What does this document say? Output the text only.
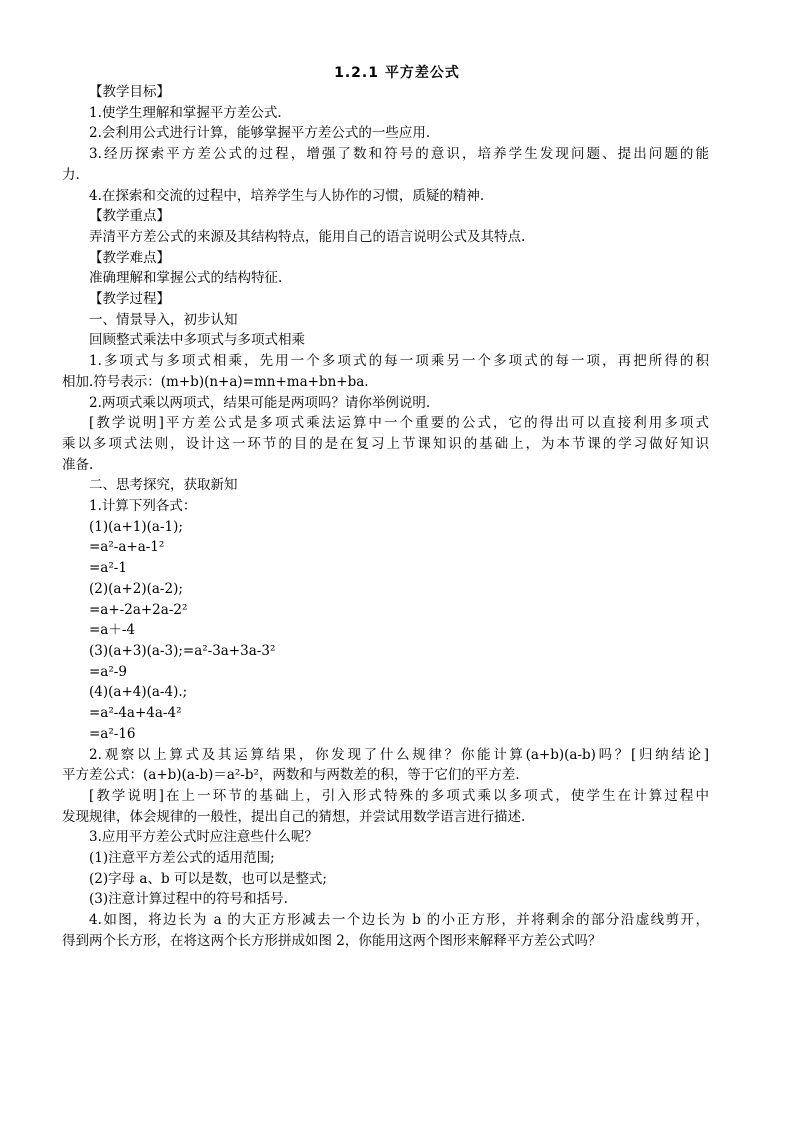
1.2.1 平方差公式

【教学目标】

1.使学生理解和掌握平方差公式.

2.会利用公式进行计算，能够掌握平方差公式的一些应用.

3.经历探索平方差公式的过程，增强了数和符号的意识，培养学生发现问题、提出问题的能

力.

4.在探索和交流的过程中，培养学生与人协作的习惯，质疑的精神.

【教学重点】

弄清平方差公式的来源及其结构特点，能用自己的语言说明公式及其特点.

【教学难点】

准确理解和掌握公式的结构特征.

【教学过程】

一、情景导入，初步认知

回顾整式乘法中多项式与多项式相乘

1.多项式与多项式相乘，先用一个多项式的每一项乘另一个多项式的每一项，再把所得的积

相加.符号表示：(m+b)(n+a)=mn+ma+bn+ba.

2.两项式乘以两项式，结果可能是两项吗？请你举例说明.

[教学说明]平方差公式是多项式乘法运算中一个重要的公式，它的得出可以直接利用多项式

乘以多项式法则，设计这一环节的目的是在复习上节课知识的基础上，为本节课的学习做好知识

准备.

二、思考探究，获取新知

1.计算下列各式：

(1)(a+1)(a-1);

=a²-a+a-1²

=a²-1

(2)(a+2)(a-2);

=a+-2a+2a-2²

=a＋-4

(3)(a+3)(a-3);=a²-3a+3a-3²

=a²-9

(4)(a+4)(a-4).;

=a²-4a+4a-4²

=a²-16

2.观察以上算式及其运算结果，你发现了什么规律？你能计算(a+b)(a-b)吗？[归纳结论]

平方差公式：(a+b)(a-b)＝a²-b²，两数和与两数差的积，等于它们的平方差.

[教学说明]在上一环节的基础上，引入形式特殊的多项式乘以多项式，使学生在计算过程中

发现规律，体会规律的一般性，提出自己的猜想，并尝试用数学语言进行描述.

3.应用平方差公式时应注意些什么呢？

(1)注意平方差公式的适用范围;

(2)字母 a、b 可以是数，也可以是整式;

(3)注意计算过程中的符号和括号.

4.如图，将边长为 a 的大正方形减去一个边长为 b 的小正方形，并将剩余的部分沿虚线剪开，

得到两个长方形，在将这两个长方形拼成如图 2，你能用这两个图形来解释平方差公式吗？
